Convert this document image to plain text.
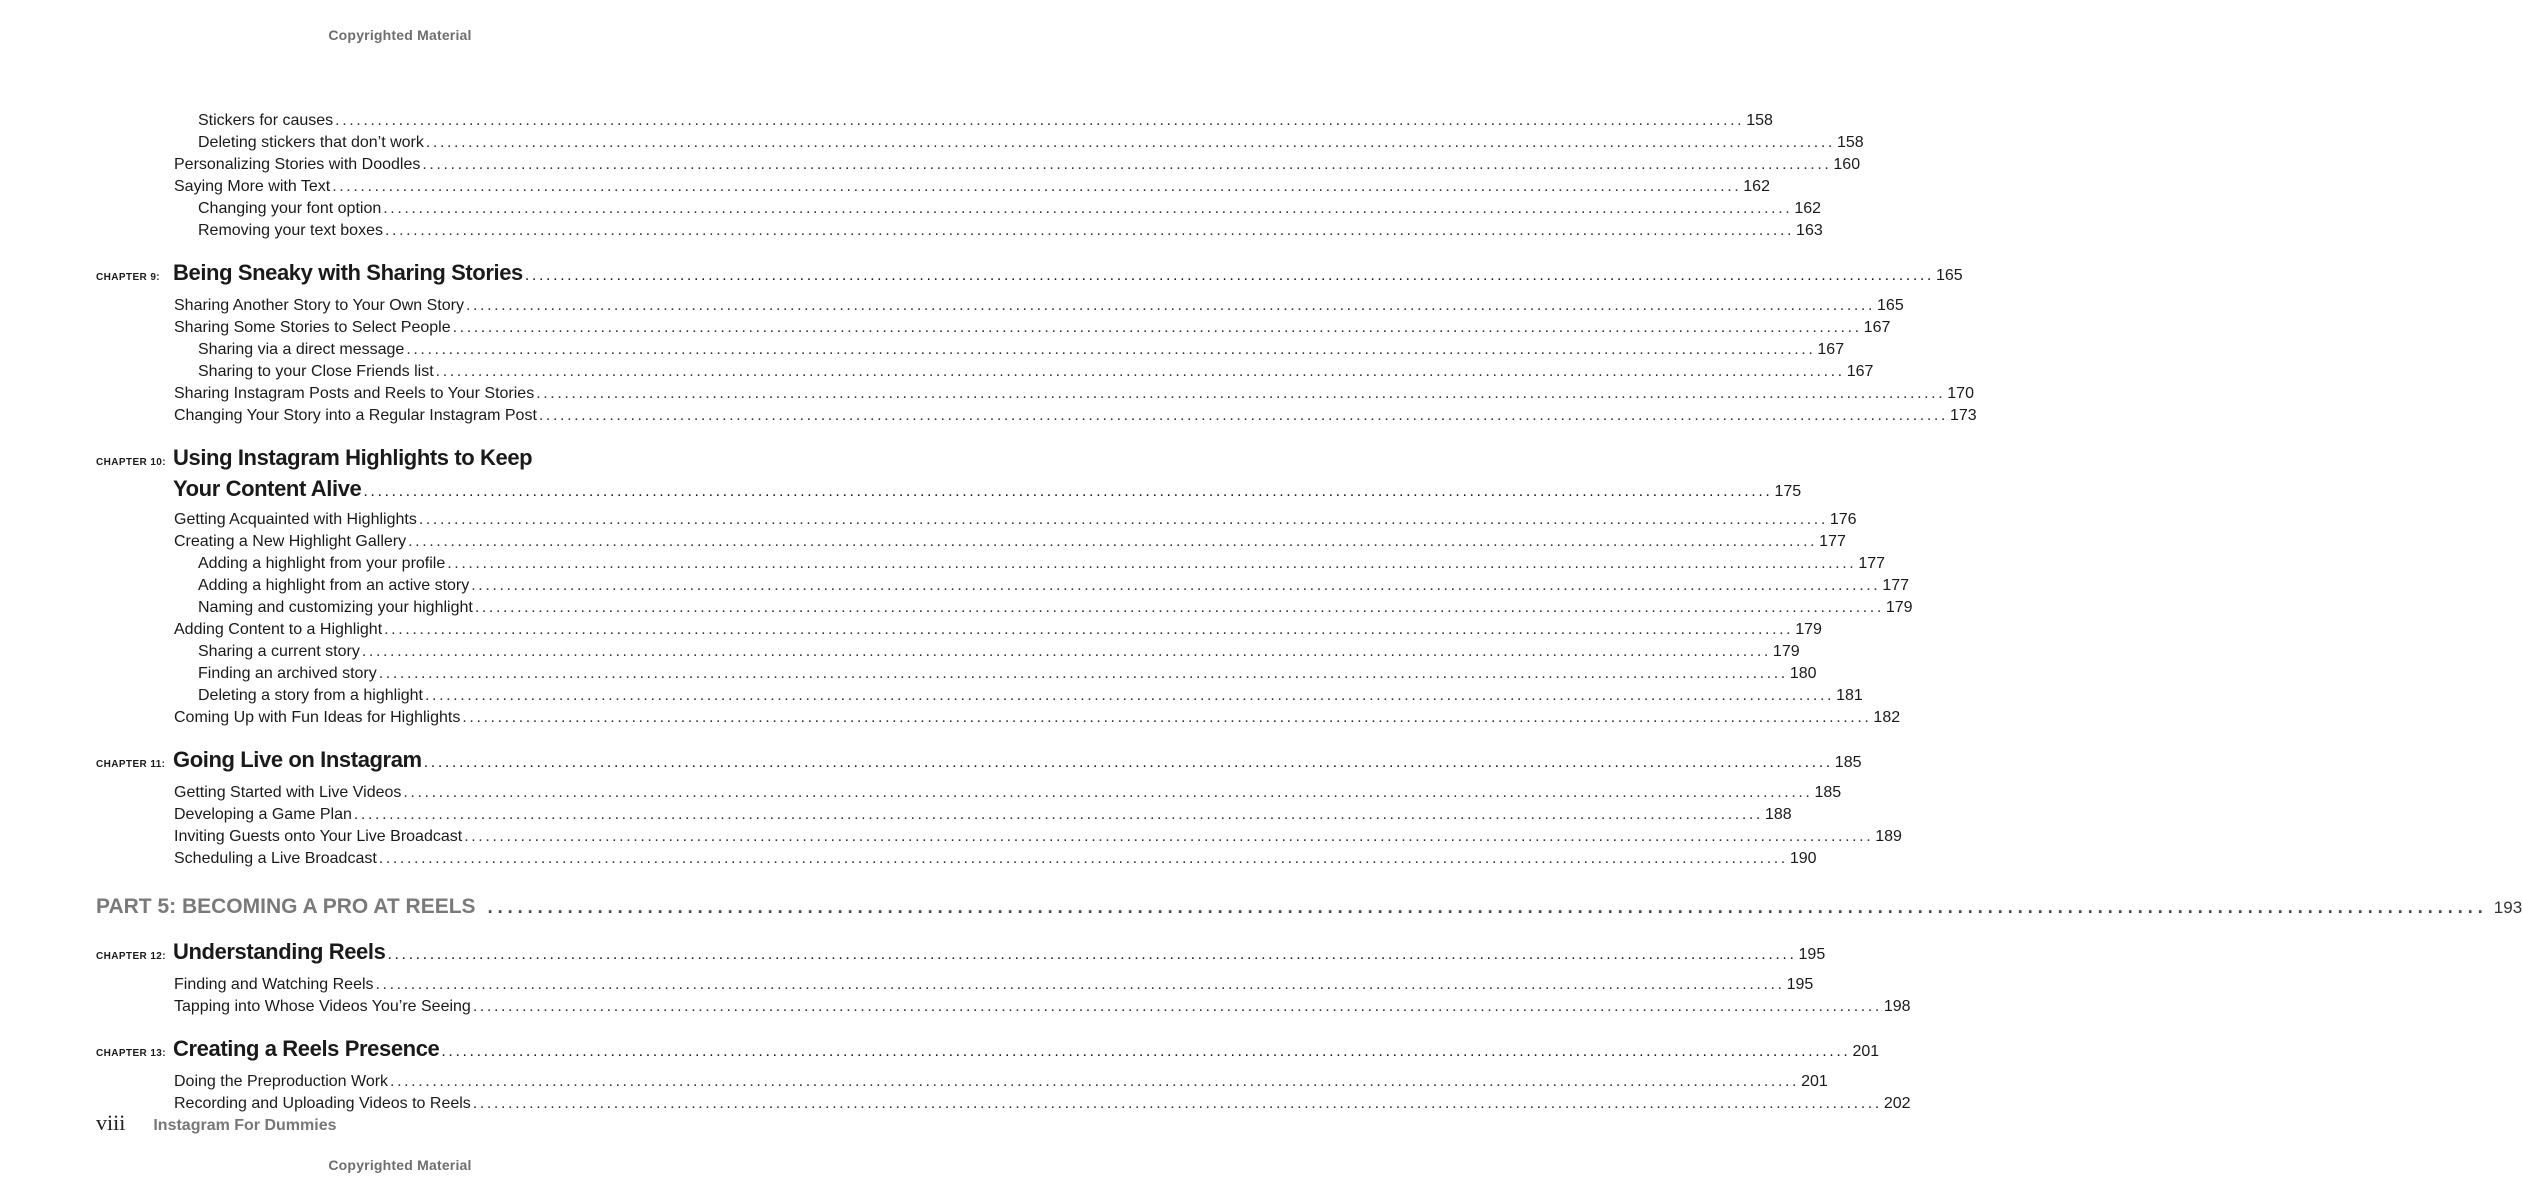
Copyrighted Material
Stickers for causes ........................................................................................................................................................................................................ 158
Deleting stickers that don’t work ........................................................................................................................................................................................................ 158
Personalizing Stories with Doodles ........................................................................................................................................................................................................ 160
Saying More with Text ........................................................................................................................................................................................................ 162
Changing your font option ........................................................................................................................................................................................................ 162
Removing your text boxes ........................................................................................................................................................................................................ 163
CHAPTER 9: Being Sneaky with Sharing Stories ........................................................................................................................................................................................................ 165
Sharing Another Story to Your Own Story ........................................................................................................................................................................................................ 165
Sharing Some Stories to Select People ........................................................................................................................................................................................................ 167
Sharing via a direct message ........................................................................................................................................................................................................ 167
Sharing to your Close Friends list ........................................................................................................................................................................................................ 167
Sharing Instagram Posts and Reels to Your Stories ........................................................................................................................................................................................................ 170
Changing Your Story into a Regular Instagram Post ........................................................................................................................................................................................................ 173
CHAPTER 10: Using Instagram Highlights to Keep
Your Content Alive ........................................................................................................................................................................................................ 175
Getting Acquainted with Highlights ........................................................................................................................................................................................................ 176
Creating a New Highlight Gallery ........................................................................................................................................................................................................ 177
Adding a highlight from your profile ........................................................................................................................................................................................................ 177
Adding a highlight from an active story ........................................................................................................................................................................................................ 177
Naming and customizing your highlight ........................................................................................................................................................................................................ 179
Adding Content to a Highlight ........................................................................................................................................................................................................ 179
Sharing a current story ........................................................................................................................................................................................................ 179
Finding an archived story ........................................................................................................................................................................................................ 180
Deleting a story from a highlight ........................................................................................................................................................................................................ 181
Coming Up with Fun Ideas for Highlights ........................................................................................................................................................................................................ 182
CHAPTER 11: Going Live on Instagram ........................................................................................................................................................................................................ 185
Getting Started with Live Videos ........................................................................................................................................................................................................ 185
Developing a Game Plan ........................................................................................................................................................................................................ 188
Inviting Guests onto Your Live Broadcast ........................................................................................................................................................................................................ 189
Scheduling a Live Broadcast ........................................................................................................................................................................................................ 190
PART 5: BECOMING A PRO AT REELS ........................................................................................................................................................................................................ 193
CHAPTER 12: Understanding Reels ........................................................................................................................................................................................................ 195
Finding and Watching Reels ........................................................................................................................................................................................................ 195
Tapping into Whose Videos You’re Seeing ........................................................................................................................................................................................................ 198
CHAPTER 13: Creating a Reels Presence ........................................................................................................................................................................................................ 201
Doing the Preproduction Work ........................................................................................................................................................................................................ 201
Recording and Uploading Videos to Reels ........................................................................................................................................................................................................ 202
viii Instagram For Dummies
Copyrighted Material
